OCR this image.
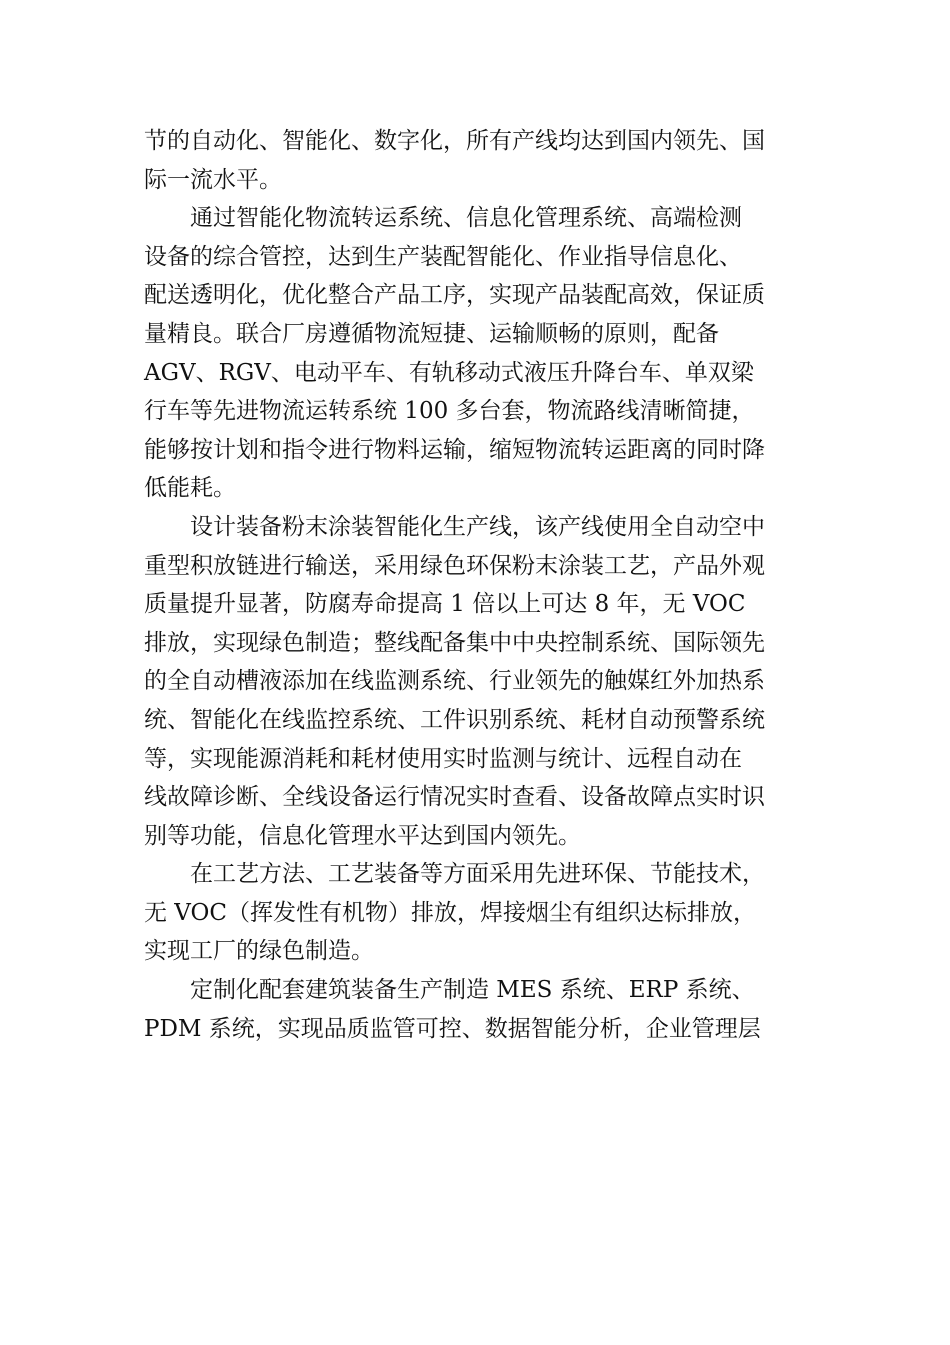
节的自动化、智能化、数字化，所有产线均达到国内领先、国
际一流水平。
通过智能化物流转运系统、信息化管理系统、高端检测
设备的综合管控，达到生产装配智能化、作业指导信息化、
配送透明化，优化整合产品工序，实现产品装配高效，保证质
量精良。联合厂房遵循物流短捷、运输顺畅的原则，配备
AGV、RGV、电动平车、有轨移动式液压升降台车、单双梁
行车等先进物流运转系统 100 多台套，物流路线清晰简捷，
能够按计划和指令进行物料运输，缩短物流转运距离的同时降
低能耗。
设计装备粉末涂装智能化生产线，该产线使用全自动空中
重型积放链进行输送，采用绿色环保粉末涂装工艺，产品外观
质量提升显著，防腐寿命提高 1 倍以上可达 8 年，无 VOC
排放，实现绿色制造；整线配备集中中央控制系统、国际领先
的全自动槽液添加在线监测系统、行业领先的触媒红外加热系
统、智能化在线监控系统、工件识别系统、耗材自动预警系统
等，实现能源消耗和耗材使用实时监测与统计、远程自动在
线故障诊断、全线设备运行情况实时查看、设备故障点实时识
别等功能，信息化管理水平达到国内领先。
在工艺方法、工艺装备等方面采用先进环保、节能技术，
无 VOC（挥发性有机物）排放，焊接烟尘有组织达标排放，
实现工厂的绿色制造。
定制化配套建筑装备生产制造 MES 系统、ERP 系统、
PDM 系统，实现品质监管可控、数据智能分析，企业管理层
